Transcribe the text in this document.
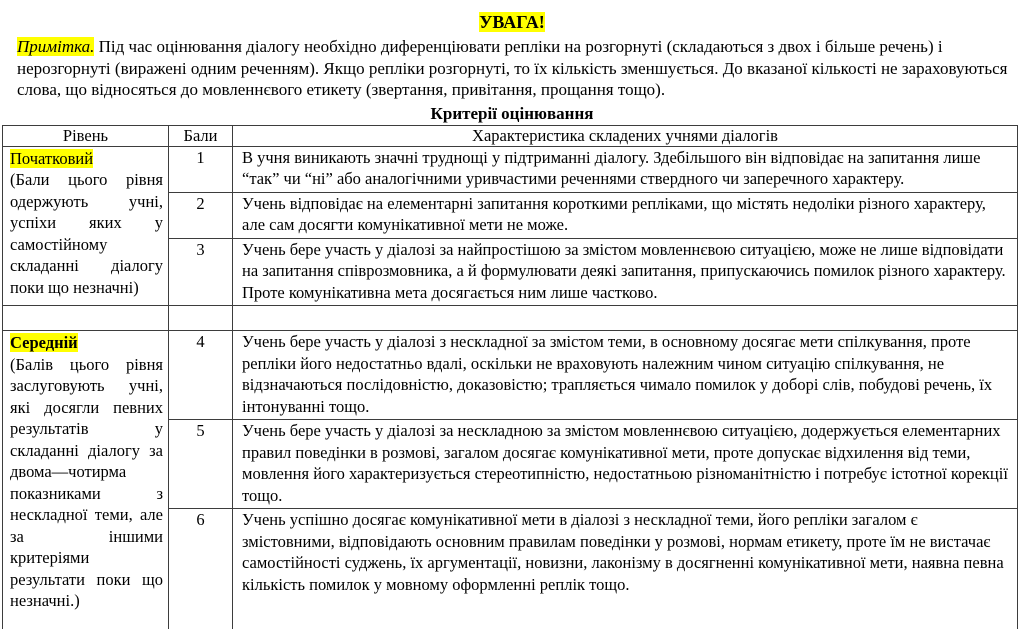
УВАГА!

Примітка. Під час оцінювання діалогу необхідно диференціювати репліки на розгорнуті (складаються з двох і більше речень) і нерозгорнуті (виражені одним реченням). Якщо репліки розгорнуті, то їх кількість зменшується. До вказаної кількості не зараховуються слова, що відносяться до мовленнєвого етикету (звертання, привітання, прощання тощо).

Критерії оцінювання
Рівень	Бали	Характеристика складених учнями діалогів
Початковий
(Бали цього рівня одержують учні, успіхи яких у самостійному складанні діалогу поки що незначні)	1	В учня виникають значні труднощі у підтриманні діалогу. Здебільшого він відповідає на запитання лише “так” чи “ні” або аналогічними уривчастими реченнями ствердного чи заперечного характеру.
	2	Учень відповідає на елементарні запитання короткими репліками, що містять недоліки різного характеру, але сам досягти комунікативної мети не може.
	3	Учень бере участь у діалозі за найпростішою за змістом мовленнєвою ситуацією, може не лише відповідати на запитання співрозмовника, а й формулювати деякі запитання, припускаючись помилок різного характеру. Проте комунікативна мета досягається ним лише частково.

Середній
(Балів цього рівня заслуговують учні, які досягли певних результатів у складанні діалогу за двома—чотирма показниками з нескладної теми, але за іншими критеріями результати поки що незначні.)	4	Учень бере участь у діалозі з нескладної за змістом теми, в основному досягає мети спілкування, проте репліки його недостатньо вдалі, оскільки не враховують належним чином ситуацію спілкування, не відзначаються послідовністю, доказовістю; трапляється чимало помилок у доборі слів, побудові речень, їх інтонуванні тощо.
	5	Учень бере участь у діалозі за нескладною за змістом мовленнєвою ситуацією, додержується елементарних правил поведінки в розмові, загалом досягає комунікативної мети, проте допускає відхилення від теми, мовлення його характеризується стереотипністю, недостатньою різноманітністю і потребує істотної корекції тощо.
	6	Учень успішно досягає комунікативної мети в діалозі з нескладної теми, його репліки загалом є змістовними, відповідають основним правилам поведінки у розмові, нормам етикету, проте їм не вистачає самостійності суджень, їх аргументації, новизни, лаконізму в досягненні комунікативної мети, наявна певна кількість помилок у мовному оформленні реплік тощо.
